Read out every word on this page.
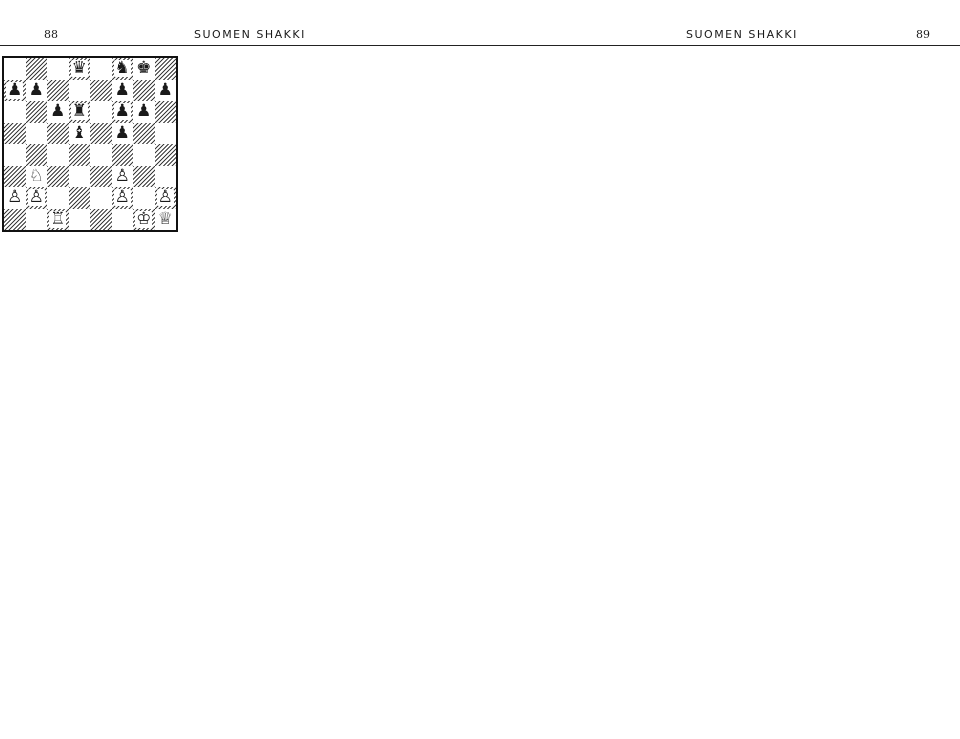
88	SUOMEN SHAKKI

♛ ♞ ♚
♟ ♟	♟ ♟
♟ ♜ ♟ ♟
♝ ♟
♘	♙
♙ ♙	♙ ♙
♖	♔ ♕

SUOMEN SHAKKI	89
